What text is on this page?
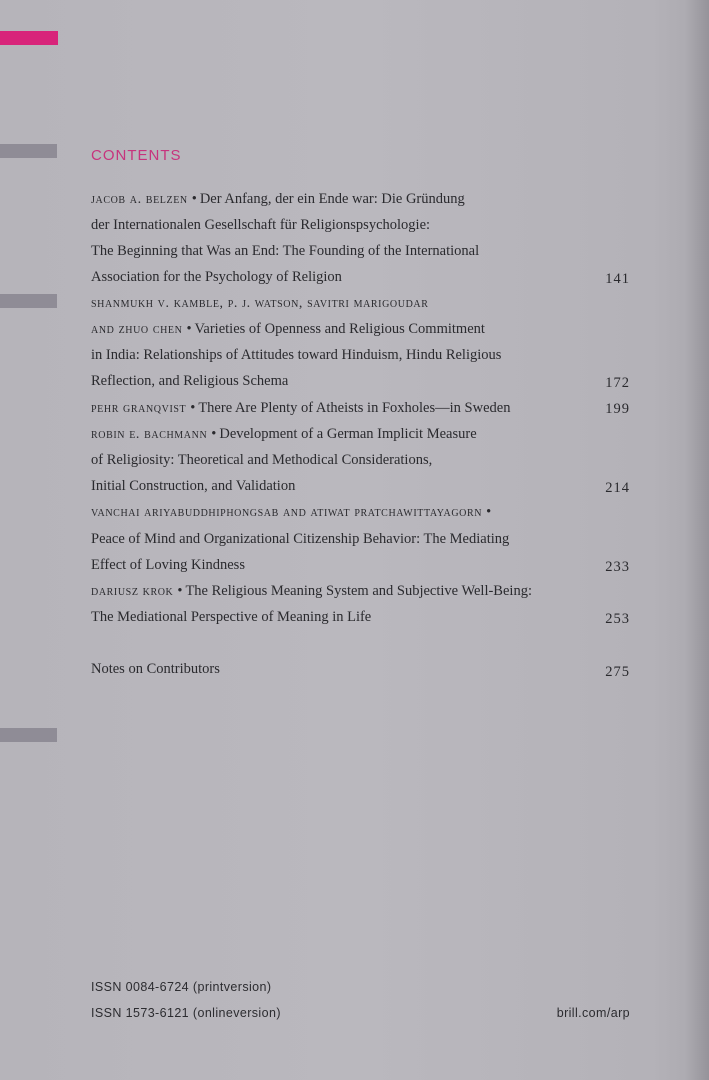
CONTENTS
jacob a. belzen • Der Anfang, der ein Ende war: Die Gründung
der Internationalen Gesellschaft für Religionspsychologie:
The Beginning that Was an End: The Founding of the International
Association for the Psychology of Religion	141
shanmukh v. kamble, p. j. watson, savitri marigoudar
and zhuo chen • Varieties of Openness and Religious Commitment
in India: Relationships of Attitudes toward Hinduism, Hindu Religious
Reflection, and Religious Schema	172
pehr granqvist • There Are Plenty of Atheists in Foxholes—in Sweden	199
robin e. bachmann • Development of a German Implicit Measure
of Religiosity: Theoretical and Methodical Considerations,
Initial Construction, and Validation	214
vanchai ariyabuddhiphongsab and atiwat pratchawittayagorn •
Peace of Mind and Organizational Citizenship Behavior: The Mediating
Effect of Loving Kindness	233
dariusz krok • The Religious Meaning System and Subjective Well-Being:
The Mediational Perspective of Meaning in Life	253
Notes on Contributors	275
ISSN 0084-6724 (printversion)
ISSN 1573-6121 (onlineversion)	brill.com/arp
